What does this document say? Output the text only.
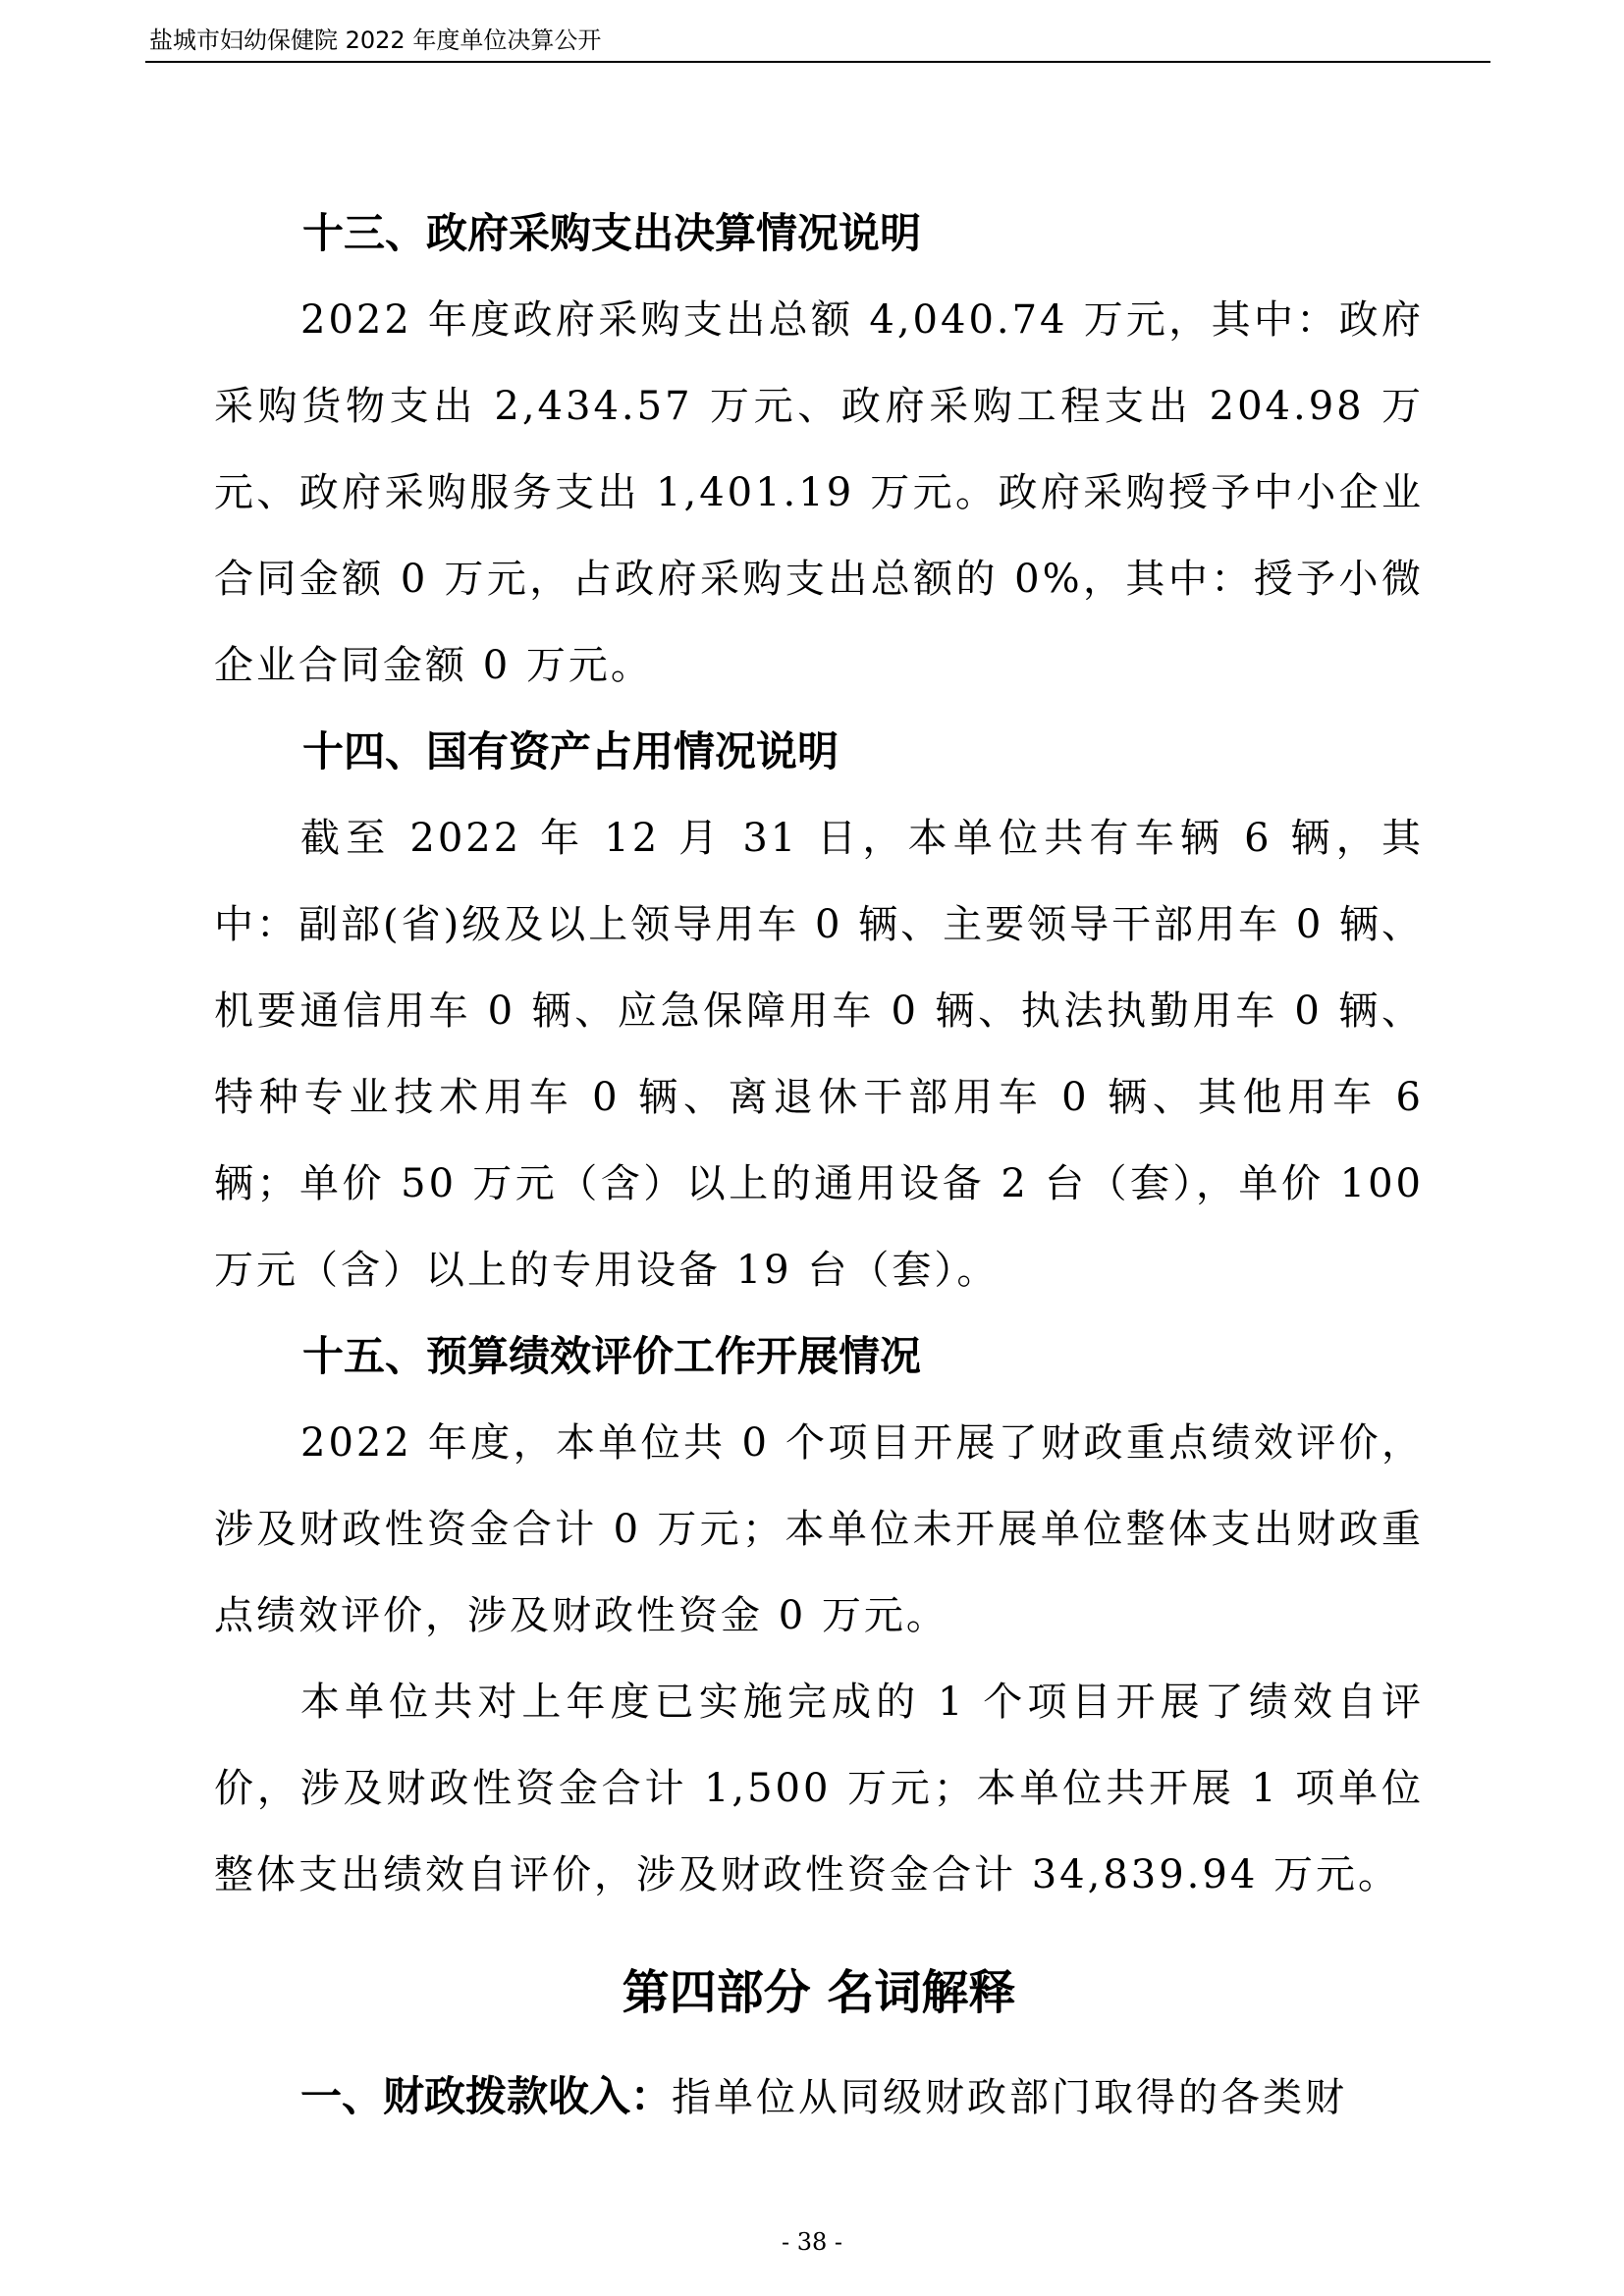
盐城市妇幼保健院 2022 年度单位决算公开
十三、政府采购支出决算情况说明

2022 年度政府采购支出总额 4,040.74 万元，其中：政府采购货物支出 2,434.57 万元、政府采购工程支出 204.98 万元、政府采购服务支出 1,401.19 万元。政府采购授予中小企业合同金额 0 万元，占政府采购支出总额的 0%，其中：授予小微企业合同金额 0 万元。

十四、国有资产占用情况说明

截至 2022 年 12 月 31 日，本单位共有车辆 6 辆，其中：副部(省)级及以上领导用车 0 辆、主要领导干部用车 0 辆、机要通信用车 0 辆、应急保障用车 0 辆、执法执勤用车 0 辆、特种专业技术用车 0 辆、离退休干部用车 0 辆、其他用车 6 辆；单价 50 万元（含）以上的通用设备 2 台（套），单价 100 万元（含）以上的专用设备 19 台（套）。

十五、预算绩效评价工作开展情况

2022 年度，本单位共 0 个项目开展了财政重点绩效评价，涉及财政性资金合计 0 万元；本单位未开展单位整体支出财政重点绩效评价，涉及财政性资金 0 万元。

本单位共对上年度已实施完成的 1 个项目开展了绩效自评价，涉及财政性资金合计 1,500 万元；本单位共开展 1 项单位整体支出绩效自评价，涉及财政性资金合计 34,839.94 万元。

第四部分 名词解释

一、财政拨款收入：指单位从同级财政部门取得的各类财

- 38 -
